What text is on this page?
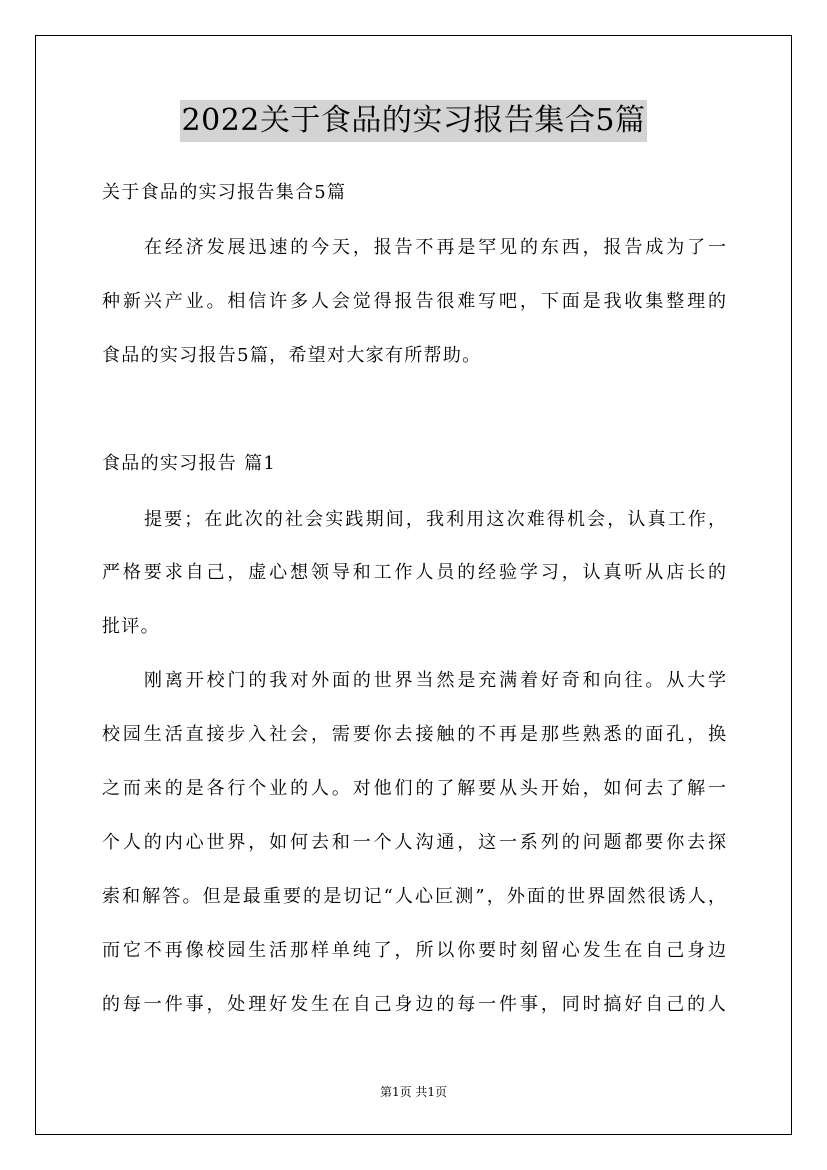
2022关于食品的实习报告集合5篇
关于食品的实习报告集合5篇
在经济发展迅速的今天，报告不再是罕见的东西，报告成为了一
种新兴产业。相信许多人会觉得报告很难写吧，下面是我收集整理的
食品的实习报告5篇，希望对大家有所帮助。
食品的实习报告 篇1
提要；在此次的社会实践期间，我利用这次难得机会，认真工作，
严格要求自己，虚心想领导和工作人员的经验学习，认真听从店长的
批评。
刚离开校门的我对外面的世界当然是充满着好奇和向往。从大学
校园生活直接步入社会，需要你去接触的不再是那些熟悉的面孔，换
之而来的是各行个业的人。对他们的了解要从头开始，如何去了解一
个人的内心世界，如何去和一个人沟通，这一系列的问题都要你去探
索和解答。但是最重要的是切记“人心叵测”，外面的世界固然很诱人，
而它不再像校园生活那样单纯了，所以你要时刻留心发生在自己身边
的每一件事，处理好发生在自己身边的每一件事，同时搞好自己的人
第1页 共1页
